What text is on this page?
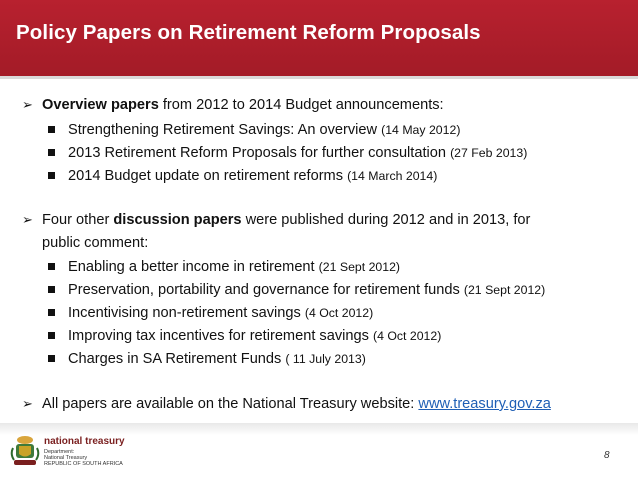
Policy Papers on Retirement Reform Proposals
➢ Overview papers from 2012 to 2014 Budget announcements:
Strengthening Retirement Savings: An overview (14 May 2012)
2013 Retirement Reform Proposals for further consultation (27 Feb 2013)
2014 Budget update on retirement reforms (14 March 2014)
➢ Four other discussion papers were published during 2012 and in 2013, for
public comment:
Enabling a better income in retirement (21 Sept 2012)
Preservation, portability and governance for retirement funds (21 Sept 2012)
Incentivising non-retirement savings (4 Oct 2012)
Improving tax incentives for retirement savings (4 Oct 2012)
Charges in SA Retirement Funds ( 11 July 2013)
➢ All papers are available on the National Treasury website: www.treasury.gov.za
national treasury
Department:
National Treasury
REPUBLIC OF SOUTH AFRICA
8
